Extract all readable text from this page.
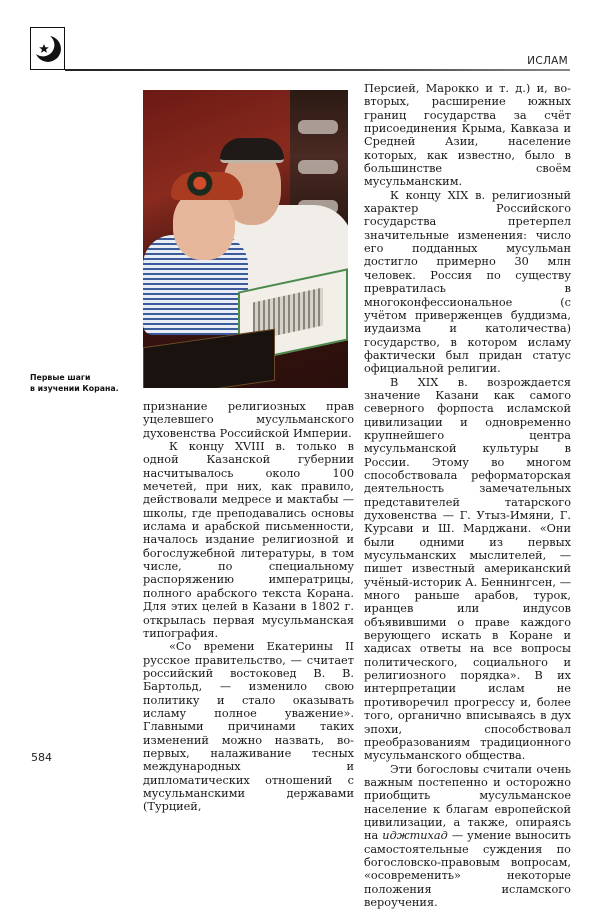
ИСЛАМ
Первые шаги
в изучении Корана.

признание религиозных прав уцелевшего мусульманского духовенства Российской Империи.

К концу XVIII в. только в одной Казанской губернии насчитывалось около 100 мечетей, при них, как правило, действовали медресе и мактабы — школы, где преподавались основы ислама и арабской письменности, началось издание религиозной и богослужебной литературы, в том числе, по специальному распоряжению императрицы, полного арабского текста Корана. Для этих целей в Казани в 1802 г. открылась первая мусульманская типография.

«Со времени Екатерины II русское правительство, — считает российский востоковед В. В. Бартольд, — изменило свою политику и стало оказывать исламу полное уважение». Главными причинами таких изменений можно назвать, во-первых, налаживание тесных международных и дипломатических отношений с мусульманскими державами (Турцией,

Персией, Марокко и т. д.) и, во-вторых, расширение южных границ государства за счёт присоединения Крыма, Кавказа и Средней Азии, население которых, как известно, было в большинстве своём мусульманским.

К концу XIX в. религиозный характер Российского государства претерпел значительные изменения: число его подданных мусульман достигло примерно 30 млн человек. Россия по существу превратилась в многоконфессиональное (с учётом приверженцев буддизма, иудаизма и католичества) государство, в котором исламу фактически был придан статус официальной религии.

В XIX в. возрождается значение Казани как самого северного форпоста исламской цивилизации и одновременно крупнейшего центра мусульманской культуры в России. Этому во многом способствовала реформаторская деятельность замечательных представителей татарского духовенства — Г. Утыз-Имяни, Г. Курсави и Ш. Марджани. «Они были одними из первых мусульманских мыслителей, — пишет известный американский учёный-историк А. Беннингсен, — много раньше арабов, турок, иранцев или индусов объявившими о праве каждого верующего искать в Коране и хадисах ответы на все вопросы политического, социального и религиозного порядка». В их интерпретации ислам не противоречил прогрессу и, более того, органично вписываясь в дух эпохи, способствовал преобразованиям традиционного мусульманского общества.

Эти богословы считали очень важным постепенно и осторожно приобщить мусульманское население к благам европейской цивилизации, а также, опираясь на иджтихад — умение выносить самостоятельные суждения по богословско-правовым вопросам, «осовременить» некоторые положения исламского вероучения.

584
